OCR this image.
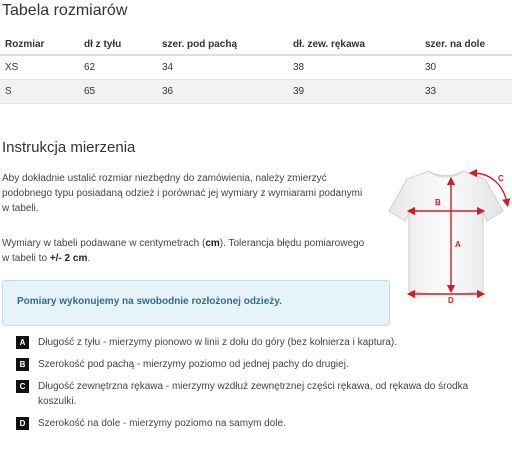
Tabela rozmiarów
Rozmiar	dł z tyłu	szer. pod pachą	dł. zew. rękawa	szer. na dole
XS	62	34	38	30
S	65	36	39	33
Instrukcja mierzenia

Aby dokładnie ustalić rozmiar niezbędny do zamówienia, należy zmierzyć podobnego typu posiadaną odzież i porównać jej wymiary z wymiarami podanymi w tabeli.

Wymiary w tabeli podawane w centymetrach (cm). Tolerancja błędu pomiarowego w tabeli to +/- 2 cm.

Pomiary wykonujemy na swobodnie rozłożonej odzieży.
A	Długość z tyłu - mierzymy pionowo w linii z dołu do góry (bez kołnierza i kaptura).
B	Szerokość pod pachą - mierzymy poziomo od jednej pachy do drugiej.
C	Długość zewnętrzna rękawa - mierzymy wzdłuż zewnętrznej części rękawa, od rękawa do środka koszulki.
D	Szerokość na dole - mierzymy poziomo na samym dole.
B
A
C
D
